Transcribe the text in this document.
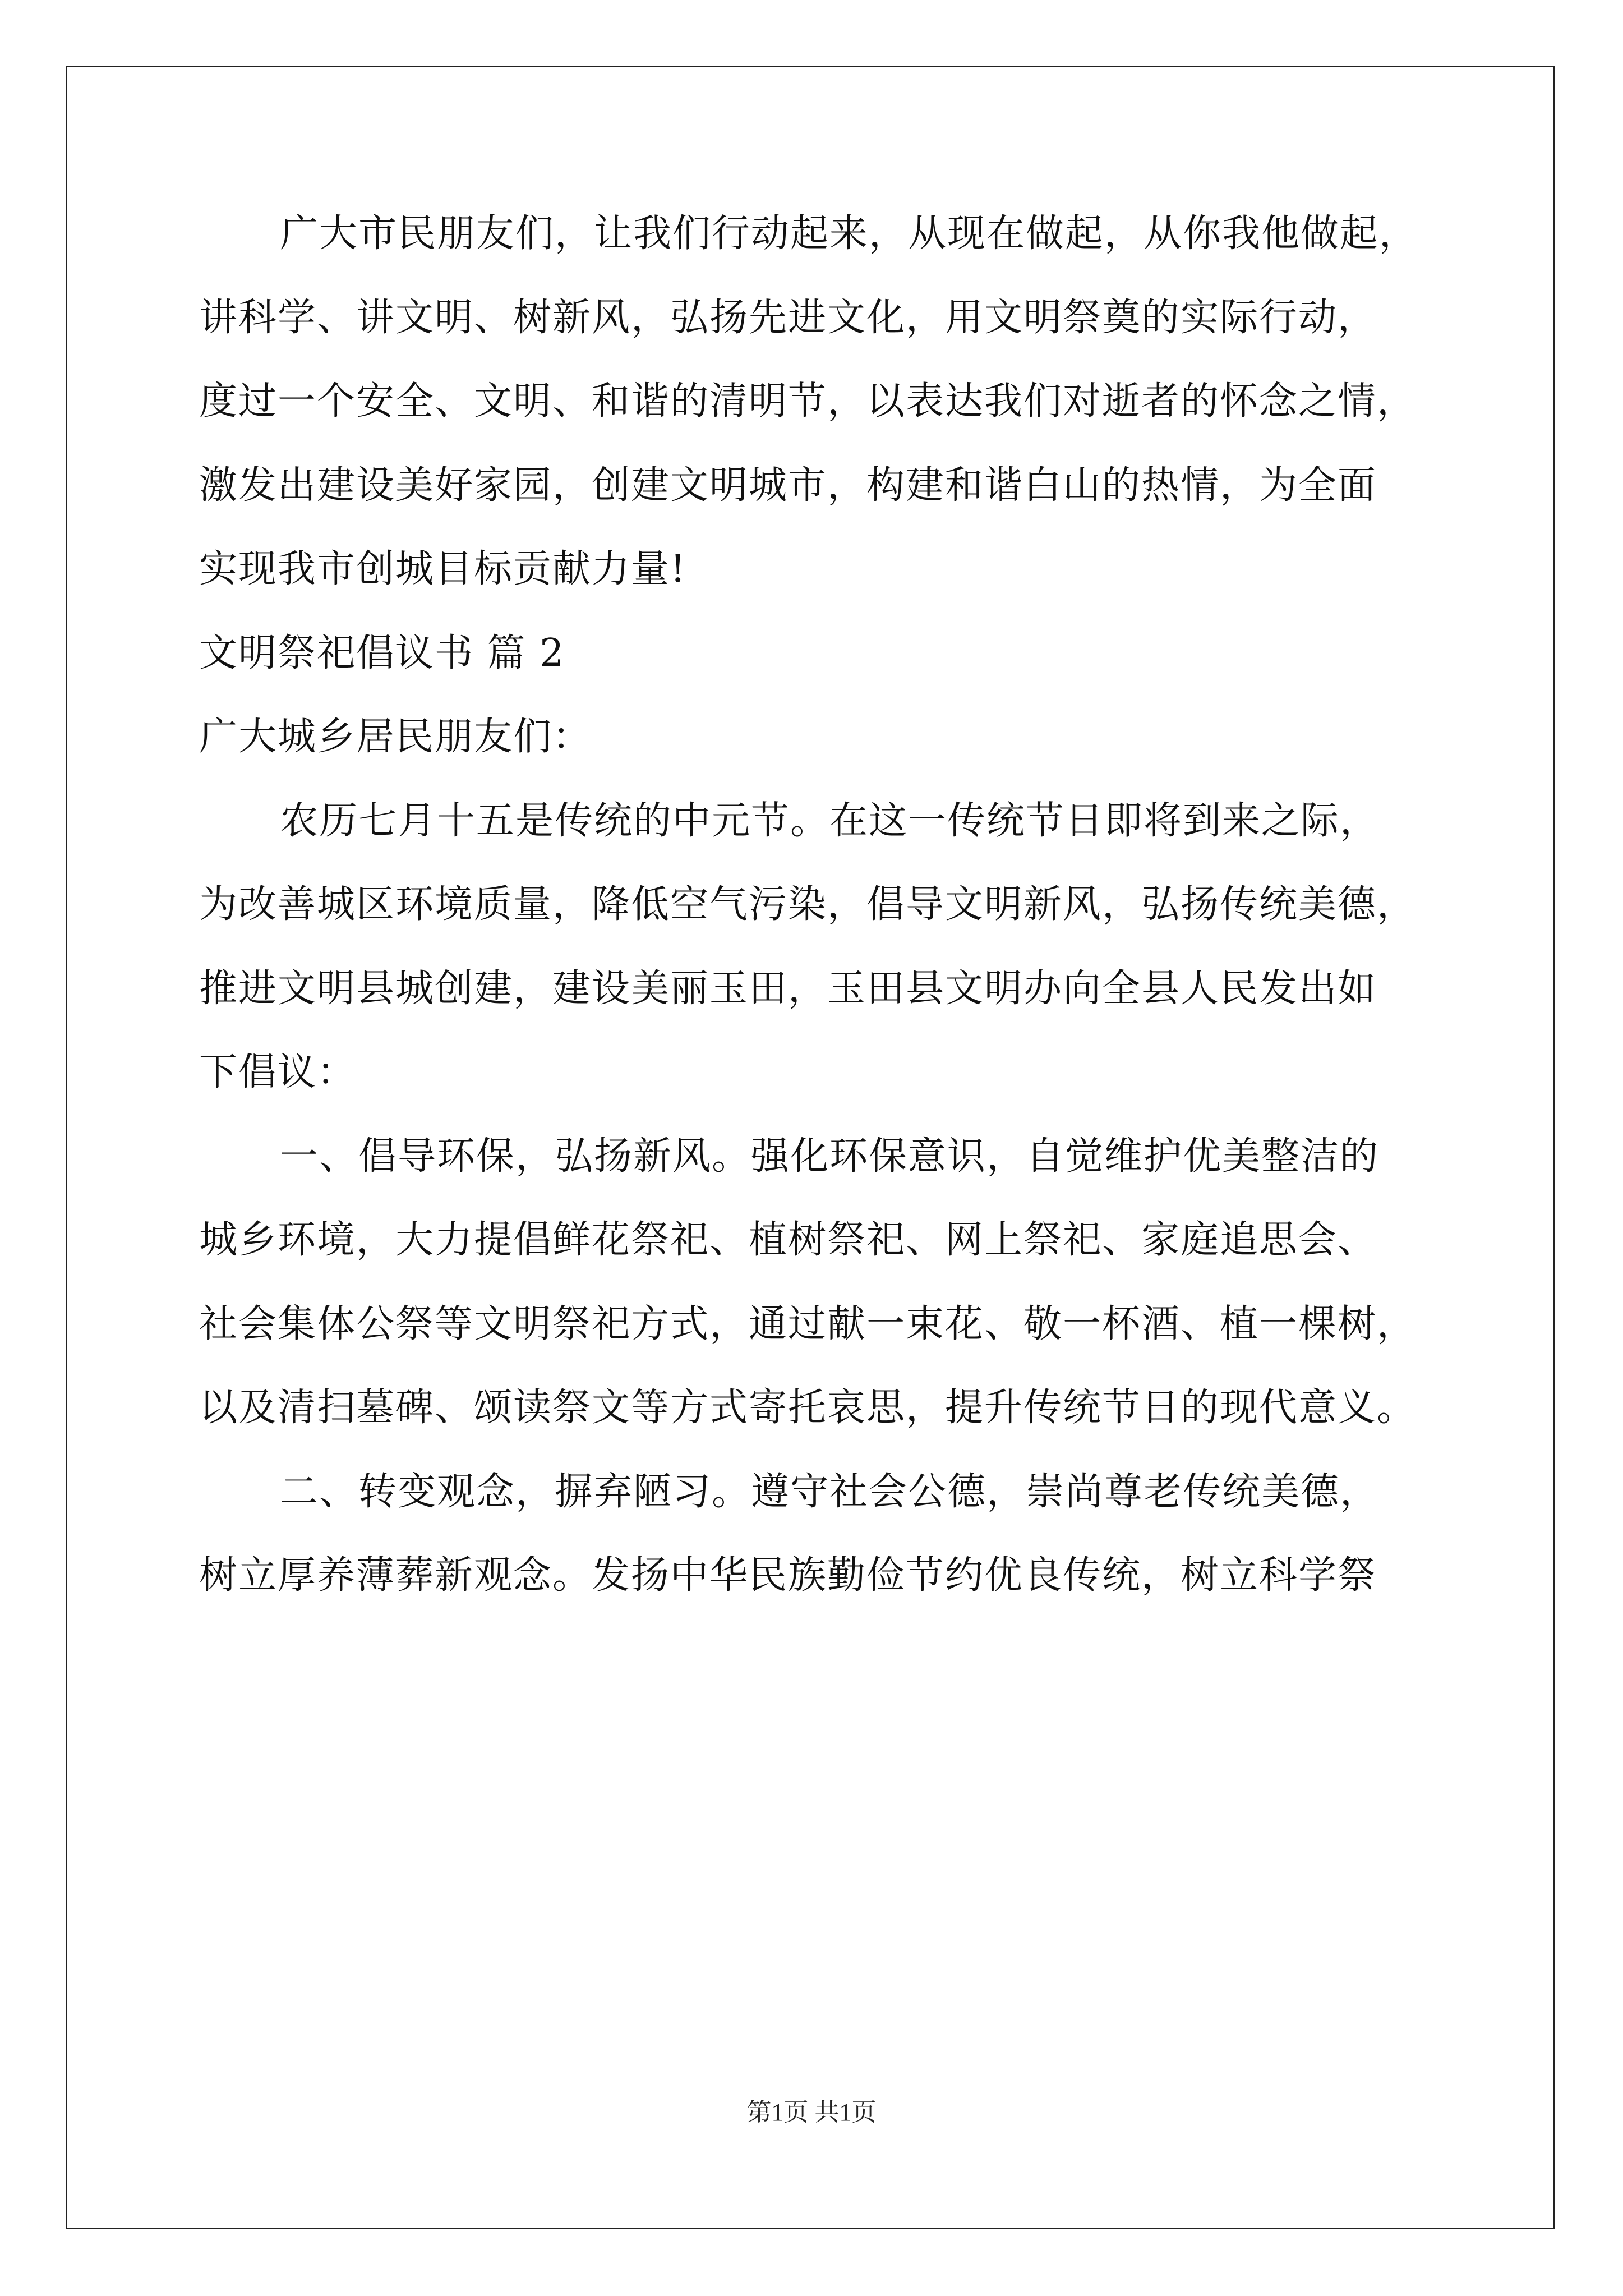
广大市民朋友们，让我们行动起来，从现在做起，从你我他做起，
讲科学、讲文明、树新风，弘扬先进文化，用文明祭奠的实际行动，
度过一个安全、文明、和谐的清明节，以表达我们对逝者的怀念之情，
激发出建设美好家园，创建文明城市，构建和谐白山的热情，为全面
实现我市创城目标贡献力量!
文明祭祀倡议书 篇 2
广大城乡居民朋友们：
农历七月十五是传统的中元节。在这一传统节日即将到来之际，
为改善城区环境质量，降低空气污染，倡导文明新风，弘扬传统美德，
推进文明县城创建，建设美丽玉田，玉田县文明办向全县人民发出如
下倡议：
一、倡导环保，弘扬新风。强化环保意识，自觉维护优美整洁的
城乡环境，大力提倡鲜花祭祀、植树祭祀、网上祭祀、家庭追思会、
社会集体公祭等文明祭祀方式，通过献一束花、敬一杯酒、植一棵树，
以及清扫墓碑、颂读祭文等方式寄托哀思，提升传统节日的现代意义。
二、转变观念，摒弃陋习。遵守社会公德，崇尚尊老传统美德，
树立厚养薄葬新观念。发扬中华民族勤俭节约优良传统，树立科学祭
第1页 共1页
